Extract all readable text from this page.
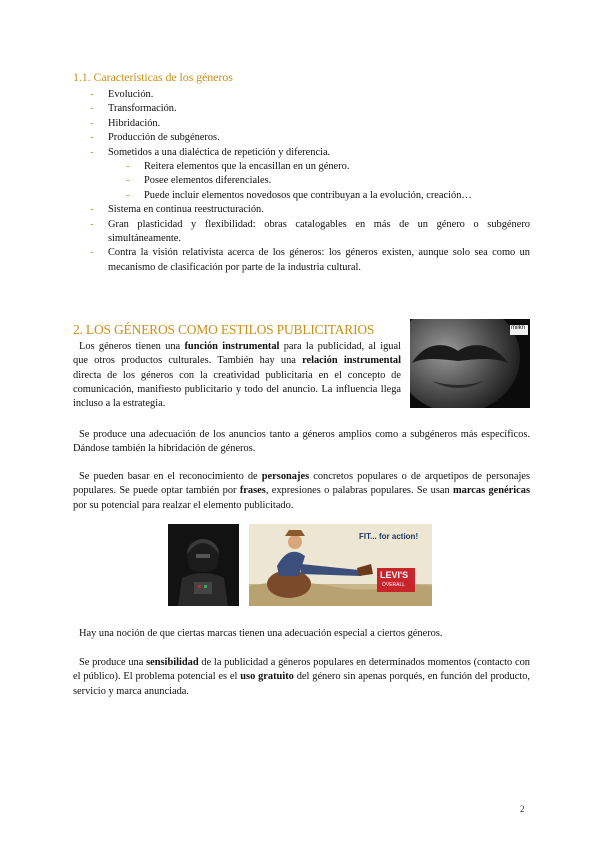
1.1. Características de los géneros
- Evolución.
- Transformación.
- Hibridación.
- Producción de subgéneros.
- Sometidos a una dialéctica de repetición y diferencia.
- Reitera elementos que la encasillan en un género.
- Posee elementos diferenciales.
- Puede incluir elementos novedosos que contribuyan a la evolución, creación…
- Sistema en continua reestructuración.
- Gran plasticidad y flexibilidad: obras catalogables en más de un género o subgénero simultáneamente.
- Contra la visión relativista acerca de los géneros: los géneros existen, aunque solo sea como un mecanismo de clasificación por parte de la industria cultural.
2. LOS GÉNEROS COMO ESTILOS PUBLICITARIOS	milkn
Los géneros tienen una función instrumental para la publicidad, al igual que otros productos culturales. También hay una relación instrumental directa de los géneros con la creatividad publicitaria en el concepto de comunicación, manifiesto publicitario y todo del anuncio. La influencia llega incluso a la estrategia.
Se produce una adecuación de los anuncios tanto a géneros amplios como a subgéneros más específicos. Dándose también la hibridación de géneros.
Se pueden basar en el reconocimiento de personajes concretos populares o de arquetipos de personajes populares. Se puede optar también por frases, expresiones o palabras populares. Se usan marcas genéricas por su potencial para realzar el elemento publicitado.
FIT... for action!
LEVI'S
OVERALL
Hay una noción de que ciertas marcas tienen una adecuación especial a ciertos géneros.
Se produce una sensibilidad de la publicidad a géneros populares en determinados momentos (contacto con el público). El problema potencial es el uso gratuito del género sin apenas porqués, en función del producto, servicio y marca anunciada.
2
